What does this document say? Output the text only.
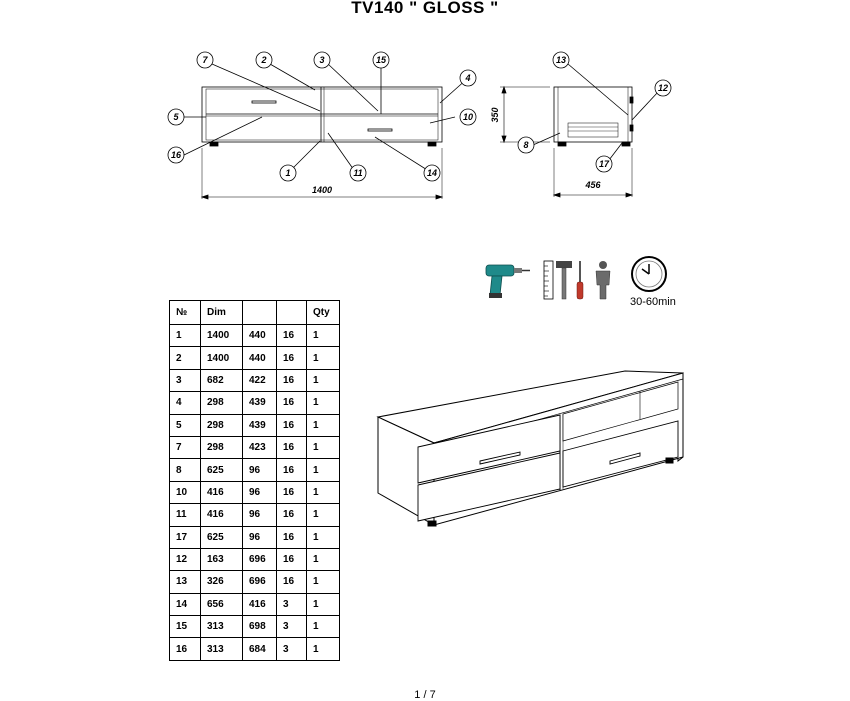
TV140 " GLOSS "
7	2	3	15
4
5	10
16
1	11	14
1400
13
12
8
17
456
350
30-60min
№	Dim			Qty
1	1400	440	16	1
2	1400	440	16	1
3	682	422	16	1
4	298	439	16	1
5	298	439	16	1
7	298	423	16	1
8	625	96	16	1
10	416	96	16	1
11	416	96	16	1
17	625	96	16	1
12	163	696	16	1
13	326	696	16	1
14	656	416	3	1
15	313	698	3	1
16	313	684	3	1
1 / 7
